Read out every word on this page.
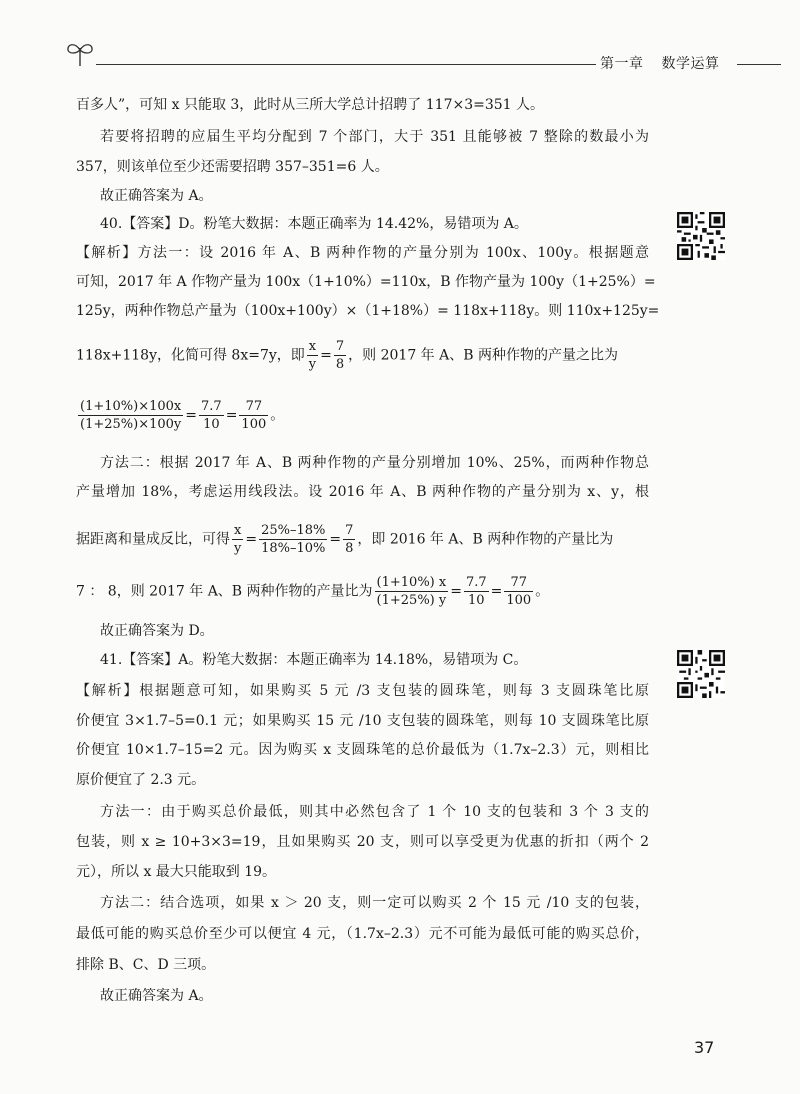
第一章 数学运算
百多人”，可知 x 只能取 3，此时从三所大学总计招聘了 117×3=351 人。
若要将招聘的应届生平均分配到 7 个部门，大于 351 且能够被 7 整除的数最小为
357，则该单位至少还需要招聘 357–351=6 人。
故正确答案为 A。
40.【答案】D。粉笔大数据：本题正确率为 14.42%，易错项为 A。
【解析】方法一：设 2016 年 A、B 两种作物的产量分别为 100x、100y。根据题意
可知，2017 年 A 作物产量为 100x（1+10%）=110x，B 作物产量为 100y（1+25%）=
125y，两种作物总产量为（100x+100y）×（1+18%）= 118x+118y。则 110x+125y=
118x+118y，化简可得 8x=7y，即 $\frac{x}{y} = \frac{7}{8}$ ，则 2017 年 A、B 两种作物的产量之比为
$\frac{(1+10\%)\times 100x}{(1+25\%)\times 100y} = \frac{7.7}{10} = \frac{77}{100}$ 。
方法二：根据 2017 年 A、B 两种作物的产量分别增加 10%、25%，而两种作物总
产量增加 18%，考虑运用线段法。设 2016 年 A、B 两种作物的产量分别为 x、y，根
据距离和量成反比，可得 $\frac{x}{y} = \frac{25\%-18\%}{18\%-10\%} = \frac{7}{8}$ ，即 2016 年 A、B 两种作物的产量比为
7 ： 8，则 2017 年 A、B 两种作物的产量比为 $\frac{(1+10\%) x}{(1+25\%) y} = \frac{7.7}{10} = \frac{77}{100}$ 。
故正确答案为 D。
41.【答案】A。粉笔大数据：本题正确率为 14.18%，易错项为 C。
【解析】根据题意可知，如果购买 5 元 /3 支包装的圆珠笔，则每 3 支圆珠笔比原
价便宜 3×1.7–5=0.1 元；如果购买 15 元 /10 支包装的圆珠笔，则每 10 支圆珠笔比原
价便宜 10×1.7–15=2 元。因为购买 x 支圆珠笔的总价最低为（1.7x–2.3）元，则相比
原价便宜了 2.3 元。
方法一：由于购买总价最低，则其中必然包含了 1 个 10 支的包装和 3 个 3 支的
包装，则 x ≥ 10+3×3=19，且如果购买 20 支，则可以享受更为优惠的折扣（两个 2
元），所以 x 最大只能取到 19。
方法二：结合选项，如果 x ＞ 20 支，则一定可以购买 2 个 15 元 /10 支的包装，
最低可能的购买总价至少可以便宜 4 元，（1.7x–2.3）元不可能为最低可能的购买总价，
排除 B、C、D 三项。
故正确答案为 A。
37
